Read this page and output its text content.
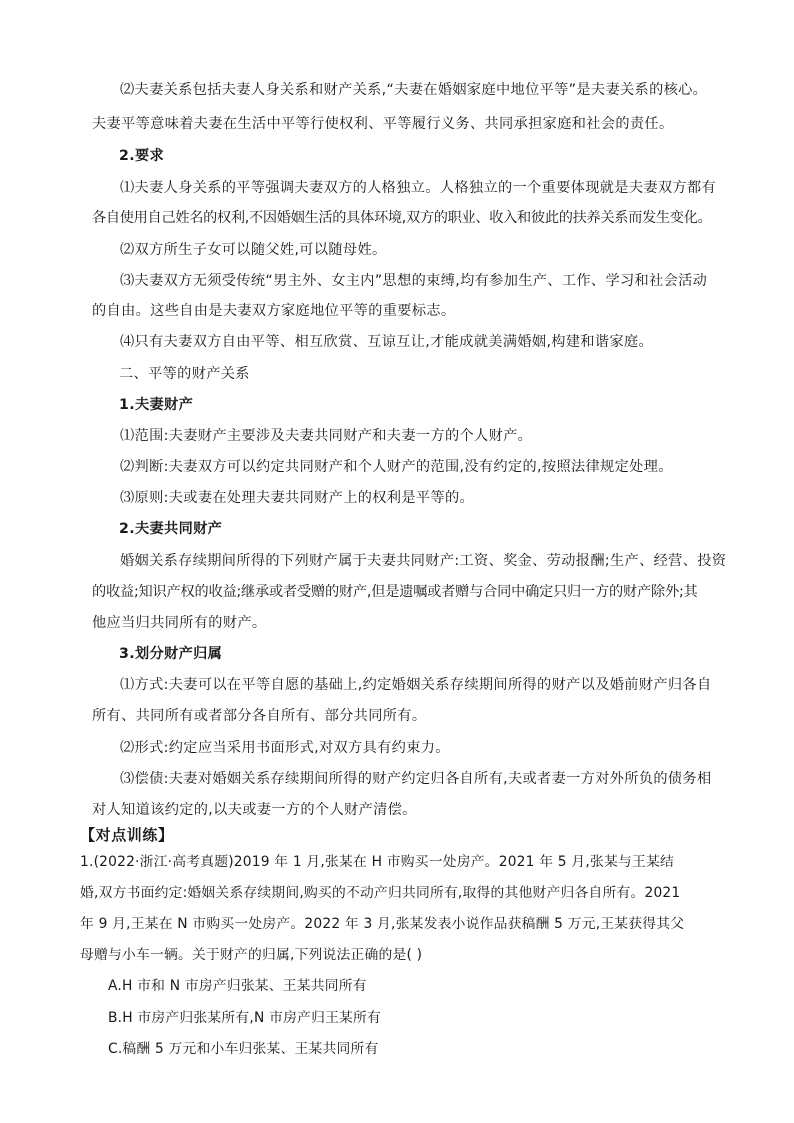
⑵夫妻关系包括夫妻人身关系和财产关系,“夫妻在婚姻家庭中地位平等”是夫妻关系的核心。
夫妻平等意味着夫妻在生活中平等行使权利、平等履行义务、共同承担家庭和社会的责任。
2.要求
⑴夫妻人身关系的平等强调夫妻双方的人格独立。人格独立的一个重要体现就是夫妻双方都有
各自使用自己姓名的权利,不因婚姻生活的具体环境,双方的职业、收入和彼此的扶养关系而发生变化。
⑵双方所生子女可以随父姓,可以随母姓。
⑶夫妻双方无须受传统“男主外、女主内”思想的束缚,均有参加生产、工作、学习和社会活动
的自由。这些自由是夫妻双方家庭地位平等的重要标志。
⑷只有夫妻双方自由平等、相互欣赏、互谅互让,才能成就美满婚姻,构建和谐家庭。
二、平等的财产关系
1.夫妻财产
⑴范围:夫妻财产主要涉及夫妻共同财产和夫妻一方的个人财产。
⑵判断:夫妻双方可以约定共同财产和个人财产的范围,没有约定的,按照法律规定处理。
⑶原则:夫或妻在处理夫妻共同财产上的权利是平等的。
2.夫妻共同财产
婚姻关系存续期间所得的下列财产属于夫妻共同财产:工资、奖金、劳动报酬;生产、经营、投资
的收益;知识产权的收益;继承或者受赠的财产,但是遗嘱或者赠与合同中确定只归一方的财产除外;其
他应当归共同所有的财产。
3.划分财产归属
⑴方式:夫妻可以在平等自愿的基础上,约定婚姻关系存续期间所得的财产以及婚前财产归各自
所有、共同所有或者部分各自所有、部分共同所有。
⑵形式:约定应当采用书面形式,对双方具有约束力。
⑶偿债:夫妻对婚姻关系存续期间所得的财产约定归各自所有,夫或者妻一方对外所负的债务相
对人知道该约定的,以夫或妻一方的个人财产清偿。
【对点训练】
1.(2022·浙江·高考真题)2019 年 1 月,张某在 H 市购买一处房产。2021 年 5 月,张某与王某结
婚,双方书面约定:婚姻关系存续期间,购买的不动产归共同所有,取得的其他财产归各自所有。2021
年 9 月,王某在 N 市购买一处房产。2022 年 3 月,张某发表小说作品获稿酬 5 万元,王某获得其父
母赠与小车一辆。关于财产的归属,下列说法正确的是( )
A.H 市和 N 市房产归张某、王某共同所有
B.H 市房产归张某所有,N 市房产归王某所有
C.稿酬 5 万元和小车归张某、王某共同所有
